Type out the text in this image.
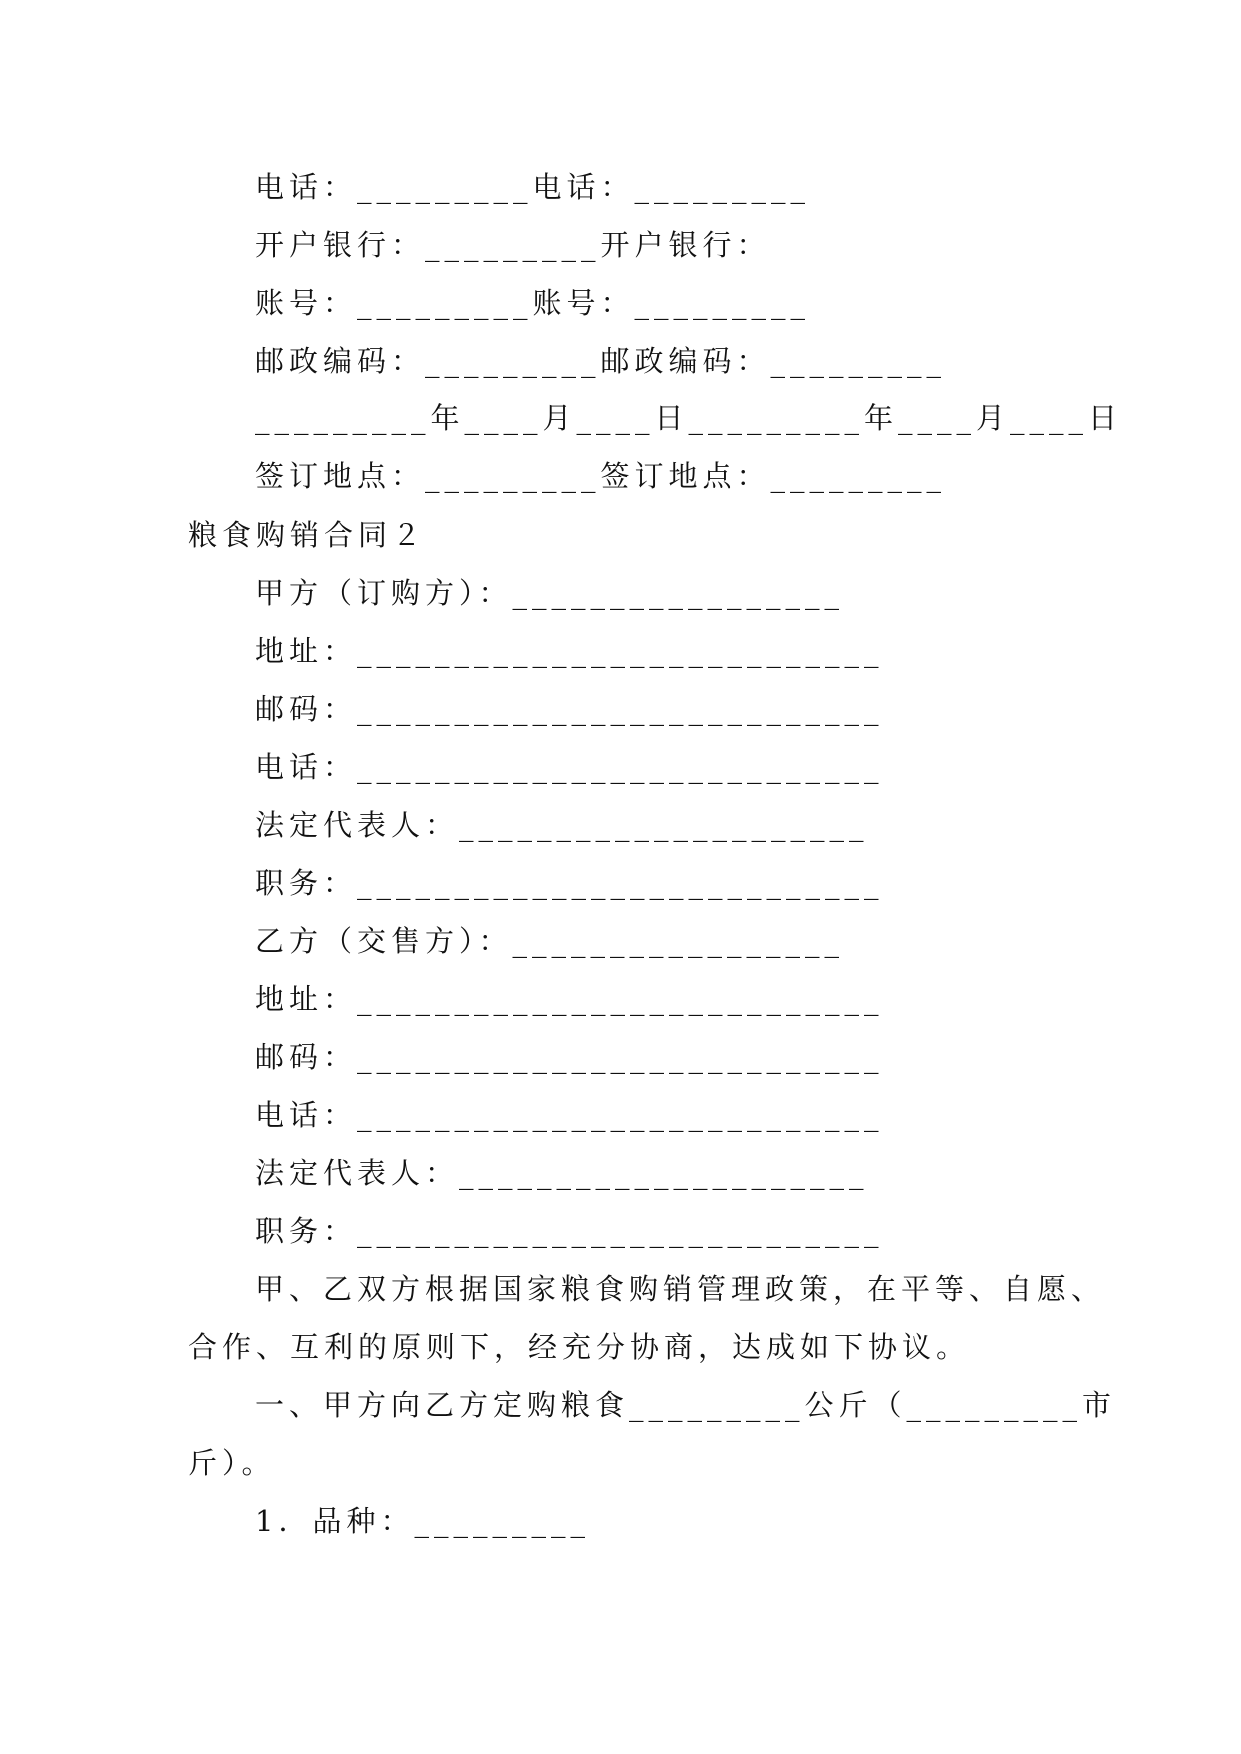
电话：_________电话：_________
开户银行：_________开户银行：
账号：_________账号：_________
邮政编码：_________邮政编码：_________
_________年____月____日_________年____月____日
签订地点：_________签订地点：_________
粮食购销合同２
甲方（订购方）：_________________
地址：___________________________
邮码：___________________________
电话：___________________________
法定代表人：_____________________
职务：___________________________
乙方（交售方）：_________________
地址：___________________________
邮码：___________________________
电话：___________________________
法定代表人：_____________________
职务：___________________________
甲、乙双方根据国家粮食购销管理政策，在平等、自愿、
合作、互利的原则下，经充分协商，达成如下协议。
一、甲方向乙方定购粮食_________公斤（_________市
斤）。
1．品种：_________
